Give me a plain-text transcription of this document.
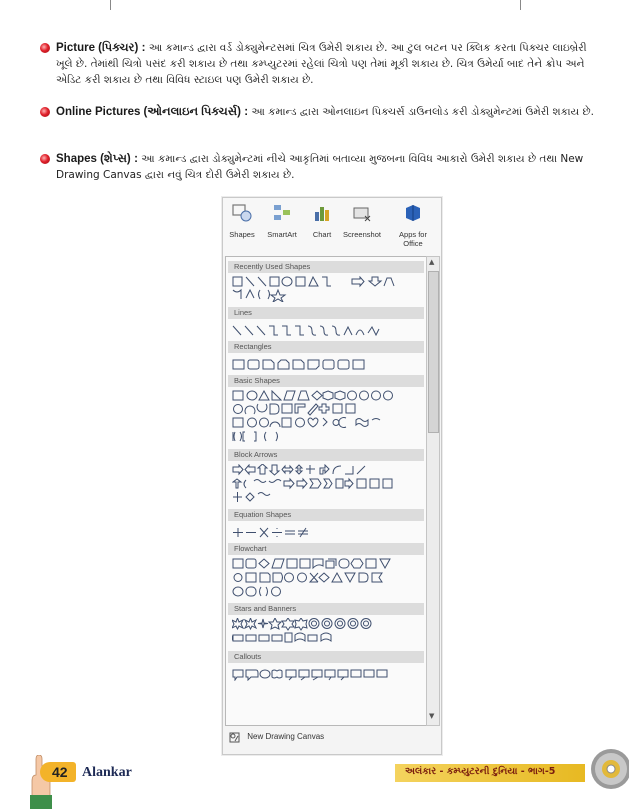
Picture (પિક્ચર) : આ કમાન્ડ દ્વારા વર્ડ ડોક્યુમેન્ટસમાં ચિત્ર ઉમેરી શકાય છે. આ ટુલ બટન પર ક્લિક કરતા પિક્ચર લાઇબ્રેરી ખૂલે છે. તેમાંથી ચિત્રો પસંદ કરી શકાય છે તથા કમ્પ્યુટરમાં રહેલાં ચિત્રો પણ તેમાં મૂકી શકાય છે. ચિત્ર ઉમેર્યા બાદ તેને ક્રોપ અને એડિટ કરી શકાય છે તથા વિવિધ સ્ટાઇલ પણ ઉમેરી શકાય છે.
Online Pictures (ઓનલાઇન પિક્ચર્સ) : આ કમાન્ડ દ્વારા ઓનલાઇન પિક્ચર્સ ડાઉનલોડ કરી ડોક્યુમેન્ટમાં ઉમેરી શકાય છે.
Shapes (શેપ્સ) : આ કમાન્ડ દ્વારા ડોક્યુમેન્ટમાં નીચે આકૃતિમાં બતાવ્યા મુજબના વિવિધ આકારો ઉમેરી શકાય છે તથા New Drawing Canvas દ્વારા નવું ચિત્ર દોરી ઉમેરી શકાય છે.
Shapes	SmartArt	Chart	Screenshot	Apps for Office
Recently Used Shapes
Lines
Rectangles
Basic Shapes
Block Arrows
Equation Shapes
Flowchart
Stars and Banners
Callouts
▲
▼
New Drawing Canvas
42 Alankar	અલંકાર - કમ્પ્યુટરની દુનિયા - ભાગ-5
